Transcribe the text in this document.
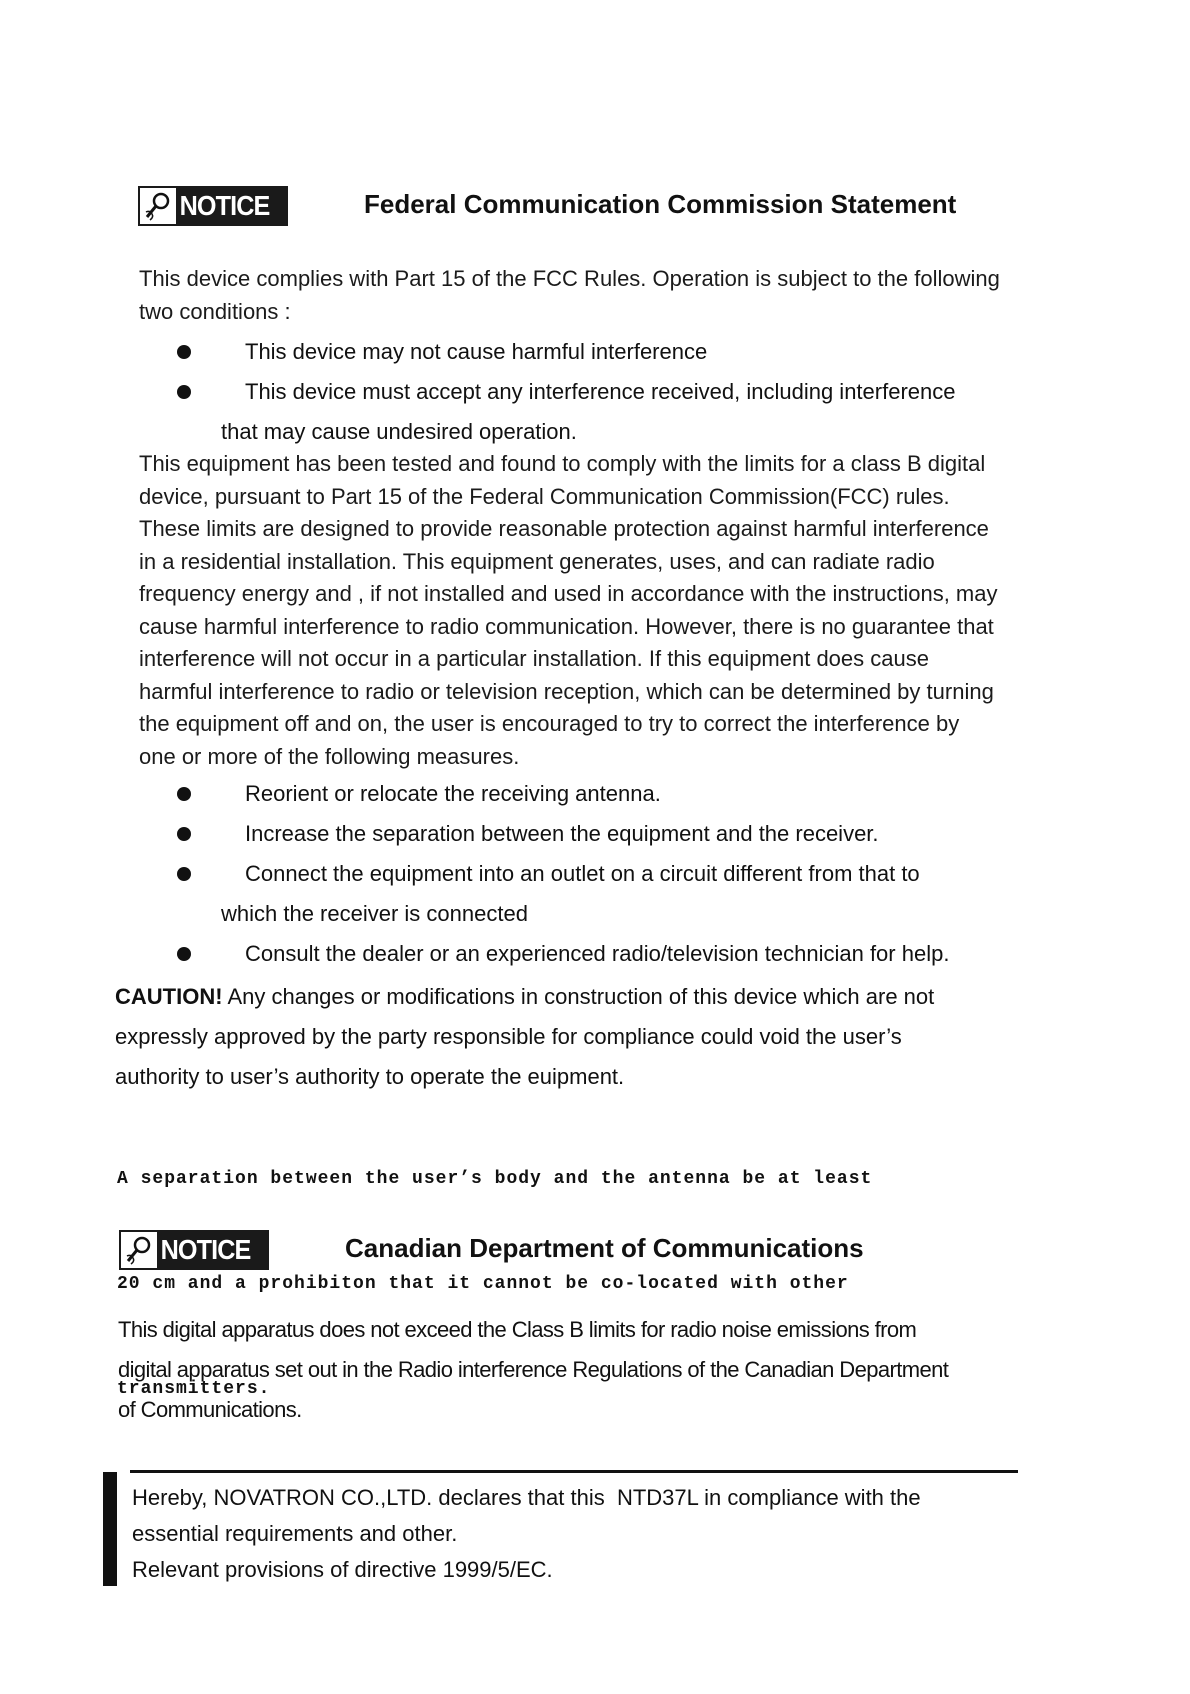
NOTICE	Federal Communication Commission Statement

This device complies with Part 15 of the FCC Rules. Operation is subject to the following

two conditions :

This device may not cause harmful interference
This device must accept any interference received, including interference
that may cause undesired operation.

This equipment has been tested and found to comply with the limits for a class B digital

device, pursuant to Part 15 of the Federal Communication Commission(FCC) rules.

These limits are designed to provide reasonable protection against harmful interference

in a residential installation. This equipment generates, uses, and can radiate radio

frequency energy and , if not installed and used in accordance with the instructions, may

cause harmful interference to radio communication. However, there is no guarantee that

interference will not occur in a particular installation. If this equipment does cause

harmful interference to radio or television reception, which can be determined by turning

the equipment off and on, the user is encouraged to try to correct the interference by

one or more of the following measures.

Reorient or relocate the receiving antenna.
Increase the separation between the equipment and the receiver.
Connect the equipment into an outlet on a circuit different from that to
which the receiver is connected
Consult the dealer or an experienced radio/television technician for help.
CAUTION! Any changes or modifications in construction of this device which are not
expressly approved by the party responsible for compliance could void the user’s
authority to user’s authority to operate the euipment.

A separation between the user’s body and the antenna be at least

20 cm and a prohibiton that it cannot be co-located with other

transmitters.

NOTICE	Canadian Department of Communications
This digital apparatus does not exceed the Class B limits for radio noise emissions from
digital apparatus set out in the Radio interference Regulations of the Canadian Department
of Communications.
Hereby, NOVATRON CO.,LTD. declares that this  NTD37L in compliance with the
essential requirements and other.
Relevant provisions of directive 1999/5/EC.
